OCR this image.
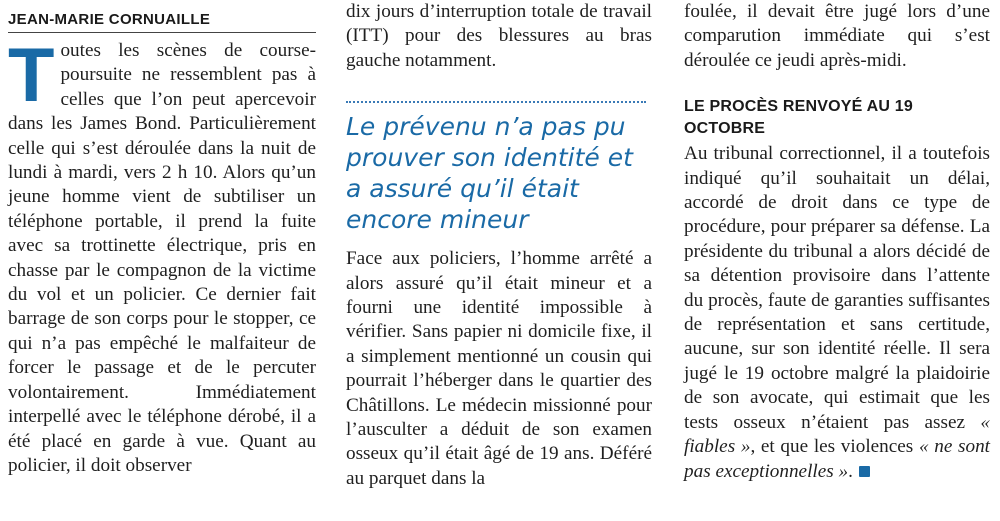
JEAN-MARIE CORNUAILLE

Toutes les scènes de course-poursuite ne ressemblent pas à celles que l’on peut apercevoir dans les James Bond. Particulièrement celle qui s’est déroulée dans la nuit de lundi à mardi, vers 2 h 10. Alors qu’un jeune homme vient de subtiliser un téléphone portable, il prend la fuite avec sa trottinette électrique, pris en chasse par le compagnon de la victime du vol et un policier. Ce dernier fait barrage de son corps pour le stopper, ce qui n’a pas empêché le malfaiteur de forcer le passage et de le percuter volontairement. Immédiatement interpellé avec le téléphone dérobé, il a été placé en garde à vue. Quant au policier, il doit observer

dix jours d’interruption totale de travail (ITT) pour des blessures au bras gauche notamment.

Le prévenu n’a pas pu prouver son identité et a assuré qu’il était encore mineur

Face aux policiers, l’homme arrêté a alors assuré qu’il était mineur et a fourni une identité impossible à vérifier. Sans papier ni domicile fixe, il a simplement mentionné un cousin qui pourrait l’héberger dans le quartier des Châtillons. Le médecin missionné pour l’ausculter a déduit de son examen osseux qu’il était âgé de 19 ans. Déféré au parquet dans la

foulée, il devait être jugé lors d’une comparution immédiate qui s’est déroulée ce jeudi après-midi.

LE PROCÈS RENVOYÉ AU 19 OCTOBRE

Au tribunal correctionnel, il a toutefois indiqué qu’il souhaitait un délai, accordé de droit dans ce type de procédure, pour préparer sa défense. La présidente du tribunal a alors décidé de sa détention provisoire dans l’attente du procès, faute de garanties suffisantes de représentation et sans certitude, aucune, sur son identité réelle. Il sera jugé le 19 octobre malgré la plaidoirie de son avocate, qui estimait que les tests osseux n’étaient pas assez « fiables », et que les violences « ne sont pas exceptionnelles ».
